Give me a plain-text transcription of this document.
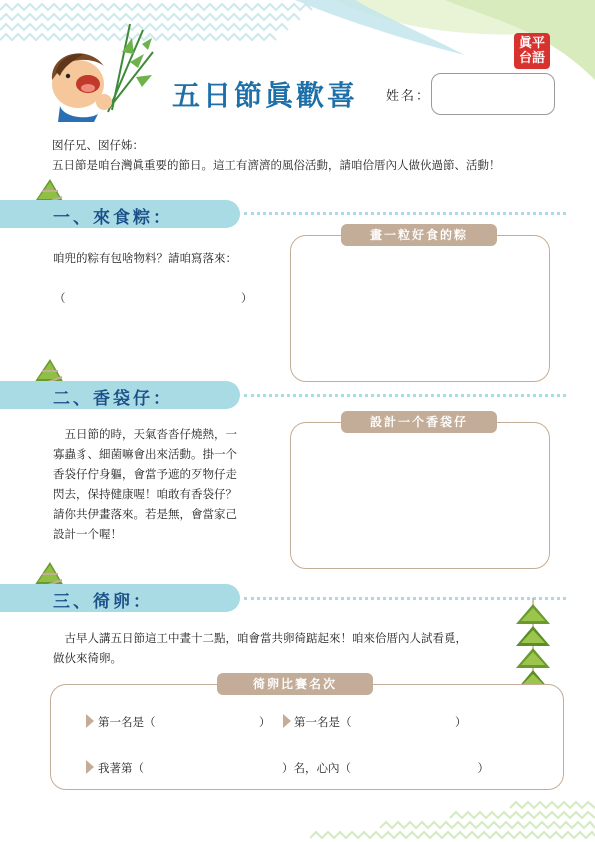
五日節眞歡喜 姓名：
眞平
台語
囡仔兄、囡仔姊：
五日節是咱台灣眞重要的節日。這工有濟濟的風俗活動，請咱佮厝內人做伙過節、活動！
一、來食粽：
咱兜的粽有包啥物料？請咱寫落來：
（	）
畫一粒好食的粽
二、香袋仔：
　五日節的時，天氣沓沓仔燒熱，一
寡蟲豸、細菌嘛會出來活動。掛一个
香袋仔佇身軀，會當予遮的歹物仔走
閃去，保持健康喔！咱敢有香袋仔？
請你共伊畫落來。若是無，會當家己
設計一个喔！
設計一个香袋仔
三、徛卵：
　古早人講五日節這工中晝十二點，咱會當共卵徛踮起來！咱來佮厝內人試看覓，
做伙來徛卵。
徛卵比賽名次
第一名是（　　　　　　　　　） 第一名是（　　　　　　　　　）
我著第（　　　　　　　　　　　　）名，心內（　　　　　　　　　　　）
